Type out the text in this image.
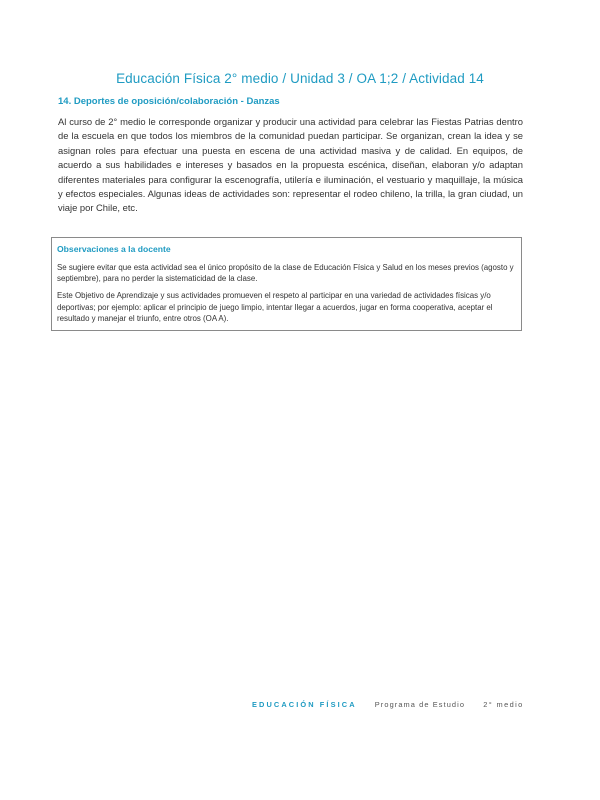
Educación Física 2° medio / Unidad 3 / OA 1;2 / Actividad 14
14. Deportes de oposición/colaboración - Danzas
Al curso de 2° medio le corresponde organizar y producir una actividad para celebrar las Fiestas Patrias dentro de la escuela en que todos los miembros de la comunidad puedan participar. Se organizan, crean la idea y se asignan roles para efectuar una puesta en escena de una actividad masiva y de calidad. En equipos, de acuerdo a sus habilidades e intereses y basados en la propuesta escénica, diseñan, elaboran y/o adaptan diferentes materiales para configurar la escenografía, utilería e iluminación, el vestuario y maquillaje, la música y efectos especiales. Algunas ideas de actividades son: representar el rodeo chileno, la trilla, la gran ciudad, un viaje por Chile, etc.
Observaciones a la docente

Se sugiere evitar que esta actividad sea el único propósito de la clase de Educación Física y Salud en los meses previos (agosto y septiembre), para no perder la sistematicidad de la clase.

Este Objetivo de Aprendizaje y sus actividades promueven el respeto al participar en una variedad de actividades físicas y/o deportivas; por ejemplo: aplicar el principio de juego limpio, intentar llegar a acuerdos, jugar en forma cooperativa, aceptar el resultado y manejar el triunfo, entre otros (OA A).

EDUCACIÓN FÍSICA Programa de Estudio 2° medio
